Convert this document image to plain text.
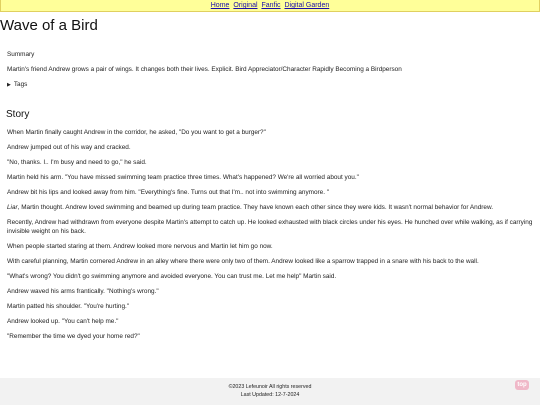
Home Original Fanfic Digital Garden
Wave of a Bird

Summary

Martin's friend Andrew grows a pair of wings. It changes both their lives. Explicit. Bird Appreciator/Character Rapidly Becoming a Birdperson

▶ Tags
Story

When Martin finally caught Andrew in the corridor, he asked, "Do you want to get a burger?"

Andrew jumped out of his way and cracked.

"No, thanks. I.. I'm busy and need to go," he said.

Martin held his arm. "You have missed swimming team practice three times. What's happened? We're all worried about you."

Andrew bit his lips and looked away from him. "Everything's fine. Turns out that I'm.. not into swimming anymore. "

Liar, Martin thought. Andrew loved swimming and beamed up during team practice. They have known each other since they were kids. It wasn't normal behavior for Andrew.

Recently, Andrew had withdrawn from everyone despite Martin's attempt to catch up. He looked exhausted with black circles under his eyes. He hunched over while walking, as if carrying invisible weight on his back.

When people started staring at them. Andrew looked more nervous and Martin let him go now.

With careful planning, Martin cornered Andrew in an alley where there were only two of them. Andrew looked like a sparrow trapped in a snare with his back to the wall.

"What's wrong? You didn't go swimming anymore and avoided everyone. You can trust me. Let me help" Martin said.

Andrew waved his arms frantically. "Nothing's wrong."

Martin patted his shoulder. "You're hurting."

Andrew looked up. "You can't help me."

"Remember the time we dyed your home red?"

©2023 Lefeunoir All rights reserved
Last Updated: 12-7-2024
top
